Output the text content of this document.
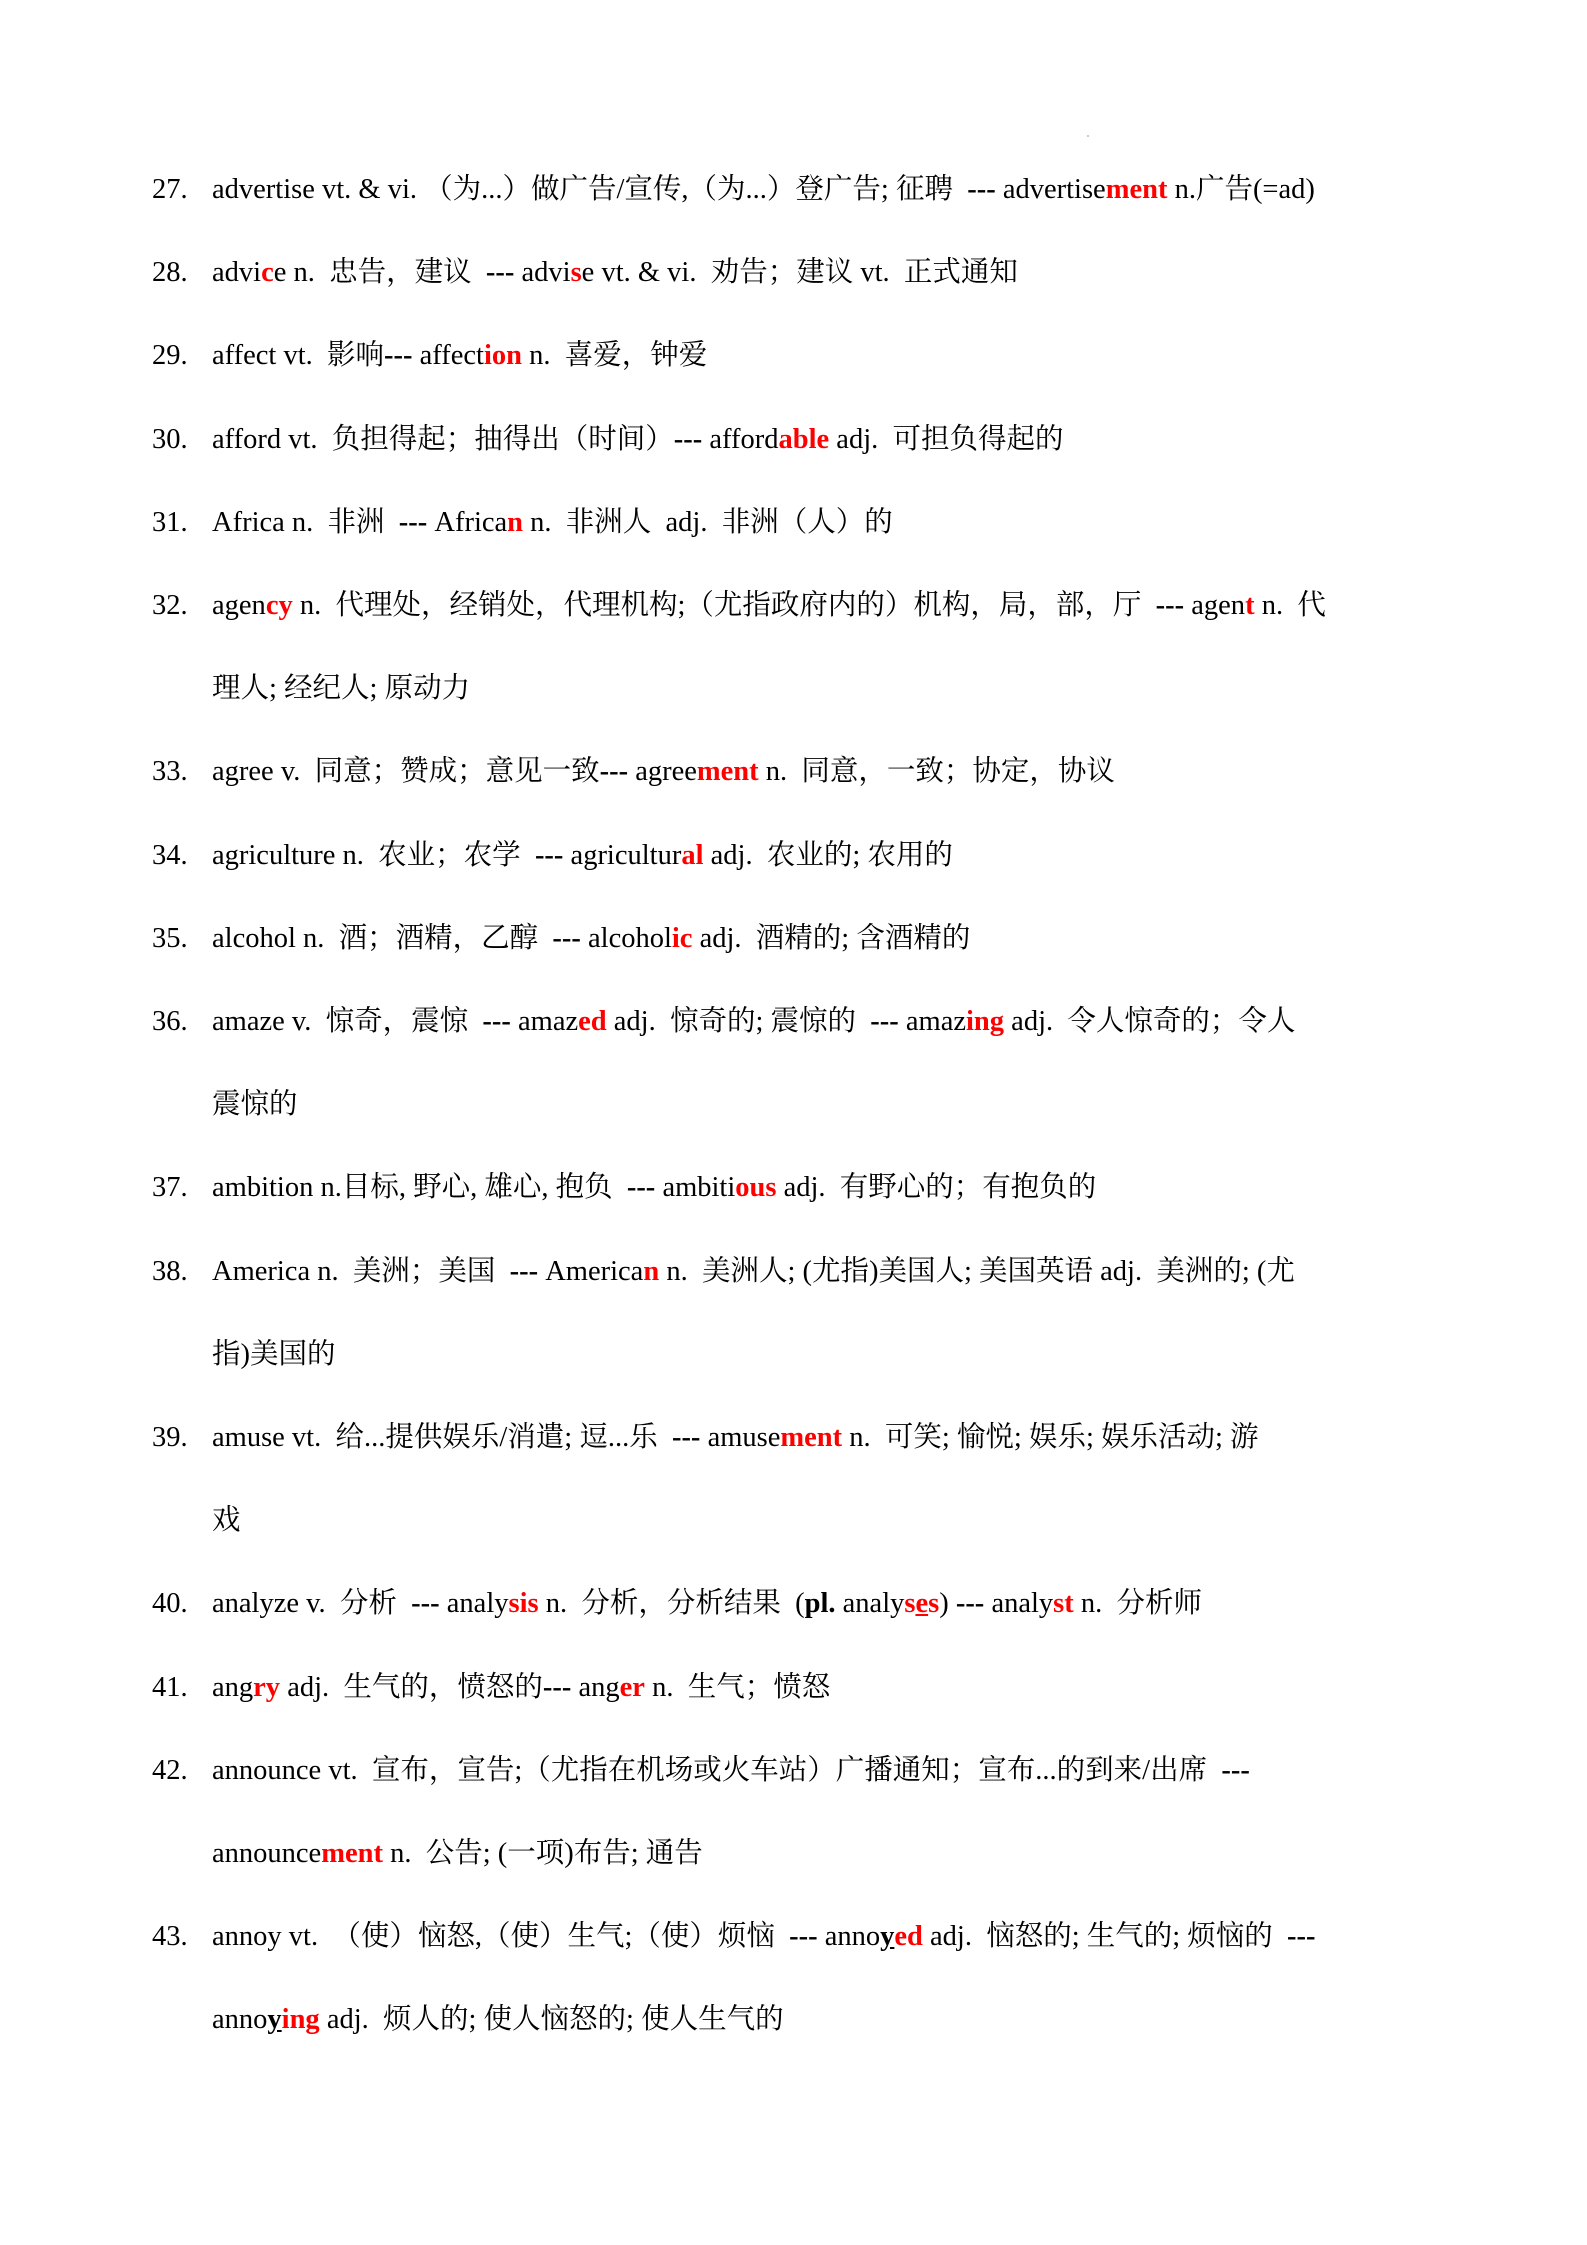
27. advertise vt. & vi. （为...）做广告/宣传,（为...）登广告; 征聘  --- advertisement n.广告(=ad)
28. advice n.  忠告，建议  --- advise vt. & vi.  劝告；建议 vt.  正式通知
29. affect vt.  影响--- affection n.  喜爱，钟爱
30. afford vt.  负担得起；抽得出（时间）--- affordable adj.  可担负得起的
31. Africa n.  非洲  --- African n.  非洲人  adj.  非洲（人）的
32. agency n.  代理处，经销处，代理机构;（尤指政府内的）机构，局，部，厅  --- agent n.  代
理人; 经纪人; 原动力
33. agree v.  同意；赞成；意见一致--- agreement n.  同意，一致；协定，协议
34. agriculture n.  农业；农学  --- agricultural adj.  农业的; 农用的
35. alcohol n.  酒；酒精，乙醇  --- alcoholic adj.  酒精的; 含酒精的
36. amaze v.  惊奇，震惊  --- amazed adj.  惊奇的; 震惊的  --- amazing adj.  令人惊奇的；令人
震惊的
37. ambition n.目标, 野心, 雄心, 抱负  --- ambitious adj.  有野心的；有抱负的
38. America n.  美洲；美国  --- American n.  美洲人; (尤指)美国人; 美国英语 adj.  美洲的; (尤
指)美国的
39. amuse vt.  给...提供娱乐/消遣; 逗...乐  --- amusement n.  可笑; 愉悦; 娱乐; 娱乐活动; 游
戏
40. analyze v.  分析  --- analysis n.  分析，分析结果  (pl. analyses) --- analyst n.  分析师
41. angry adj.  生气的，愤怒的--- anger n.  生气；愤怒
42. announce vt.  宣布，宣告;（尤指在机场或火车站）广播通知；宣布...的到来/出席  ---
announcement n.  公告; (一项)布告; 通告
43. annoy vt.  （使）恼怒,（使）生气;（使）烦恼  --- annoyed adj.  恼怒的; 生气的; 烦恼的  ---
annoying adj.  烦人的; 使人恼怒的; 使人生气的
